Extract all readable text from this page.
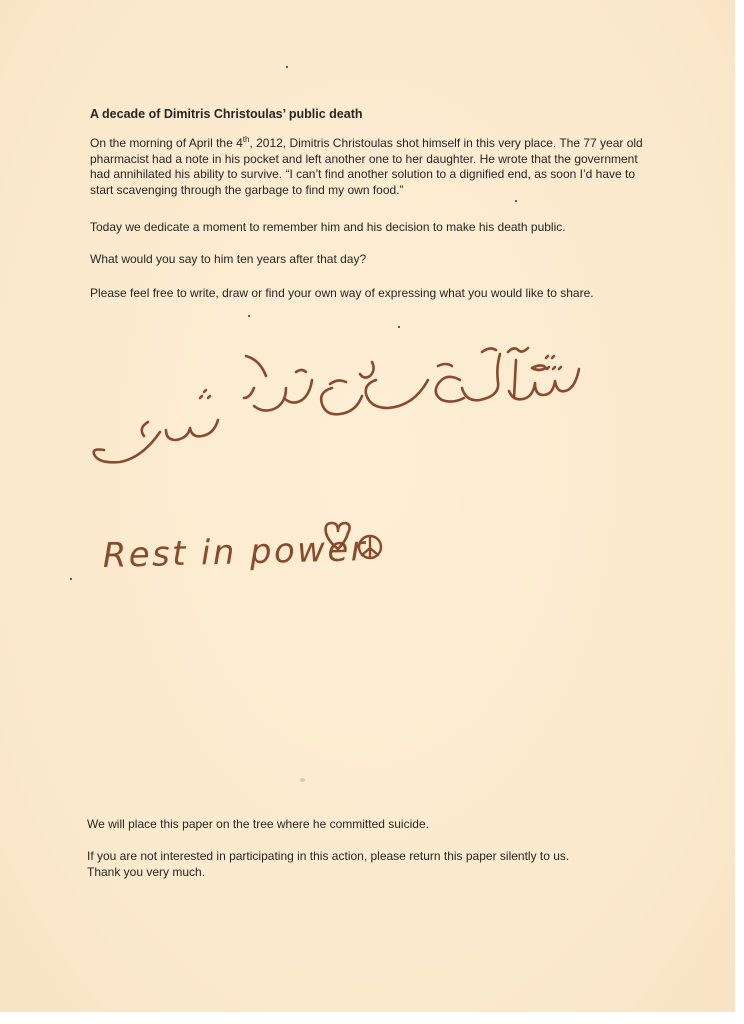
A decade of Dimitris Christoulas’ public death
On the morning of April the 4th, 2012, Dimitris Christoulas shot himself in this very place. The 77 year old
pharmacist had a note in his pocket and left another one to her daughter. He wrote that the government
had annihilated his ability to survive. “I can’t find another solution to a dignified end, as soon I’d have to
start scavenging through the garbage to find my own food.”
Today we dedicate a moment to remember him and his decision to make his death public.
What would you say to him ten years after that day?
Please feel free to write, draw or find your own way of expressing what you would like to share.
Rest in power
We will place this paper on the tree where he committed suicide.
If you are not interested in participating in this action, please return this paper silently to us.
Thank you very much.
